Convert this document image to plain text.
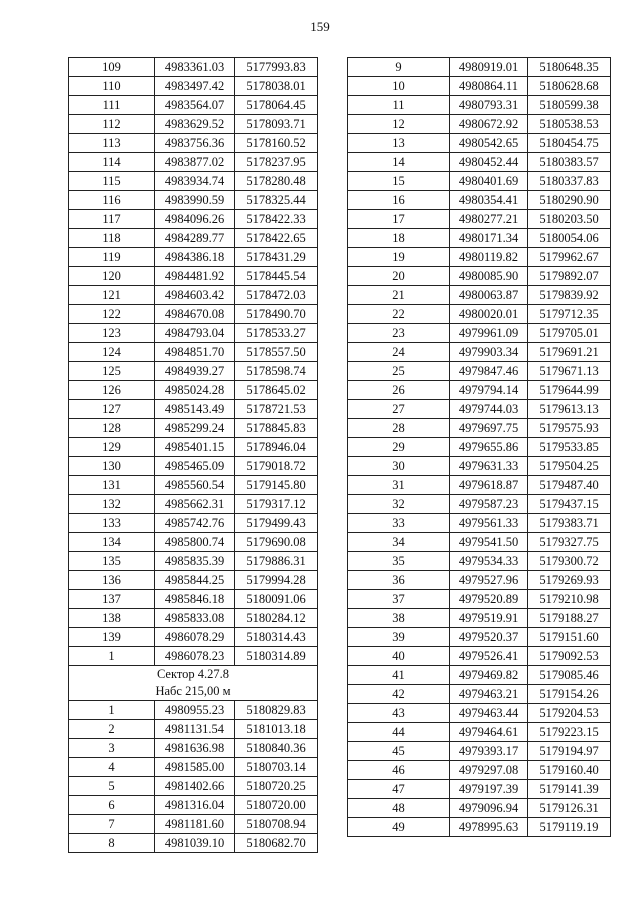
159
109	4983361.03	5177993.83
110	4983497.42	5178038.01
111	4983564.07	5178064.45
112	4983629.52	5178093.71
113	4983756.36	5178160.52
114	4983877.02	5178237.95
115	4983934.74	5178280.48
116	4983990.59	5178325.44
117	4984096.26	5178422.33
118	4984289.77	5178422.65
119	4984386.18	5178431.29
120	4984481.92	5178445.54
121	4984603.42	5178472.03
122	4984670.08	5178490.70
123	4984793.04	5178533.27
124	4984851.70	5178557.50
125	4984939.27	5178598.74
126	4985024.28	5178645.02
127	4985143.49	5178721.53
128	4985299.24	5178845.83
129	4985401.15	5178946.04
130	4985465.09	5179018.72
131	4985560.54	5179145.80
132	4985662.31	5179317.12
133	4985742.76	5179499.43
134	4985800.74	5179690.08
135	4985835.39	5179886.31
136	4985844.25	5179994.28
137	4985846.18	5180091.06
138	4985833.08	5180284.12
139	4986078.29	5180314.43
1	4986078.23	5180314.89

Сектор 4.27.8
Набс 215,00 м		

1	4980955.23	5180829.83
2	4981131.54	5181013.18
3	4981636.98	5180840.36
4	4981585.00	5180703.14
5	4981402.66	5180720.25
6	4981316.04	5180720.00
7	4981181.60	5180708.94
8	4981039.10	5180682.70
9	4980919.01	5180648.35
10	4980864.11	5180628.68
11	4980793.31	5180599.38
12	4980672.92	5180538.53
13	4980542.65	5180454.75
14	4980452.44	5180383.57
15	4980401.69	5180337.83
16	4980354.41	5180290.90
17	4980277.21	5180203.50
18	4980171.34	5180054.06
19	4980119.82	5179962.67
20	4980085.90	5179892.07
21	4980063.87	5179839.92
22	4980020.01	5179712.35
23	4979961.09	5179705.01
24	4979903.34	5179691.21
25	4979847.46	5179671.13
26	4979794.14	5179644.99
27	4979744.03	5179613.13
28	4979697.75	5179575.93
29	4979655.86	5179533.85
30	4979631.33	5179504.25
31	4979618.87	5179487.40
32	4979587.23	5179437.15
33	4979561.33	5179383.71
34	4979541.50	5179327.75
35	4979534.33	5179300.72
36	4979527.96	5179269.93
37	4979520.89	5179210.98
38	4979519.91	5179188.27
39	4979520.37	5179151.60
40	4979526.41	5179092.53
41	4979469.82	5179085.46
42	4979463.21	5179154.26
43	4979463.44	5179204.53
44	4979464.61	5179223.15
45	4979393.17	5179194.97
46	4979297.08	5179160.40
47	4979197.39	5179141.39
48	4979096.94	5179126.31
49	4978995.63	5179119.19
